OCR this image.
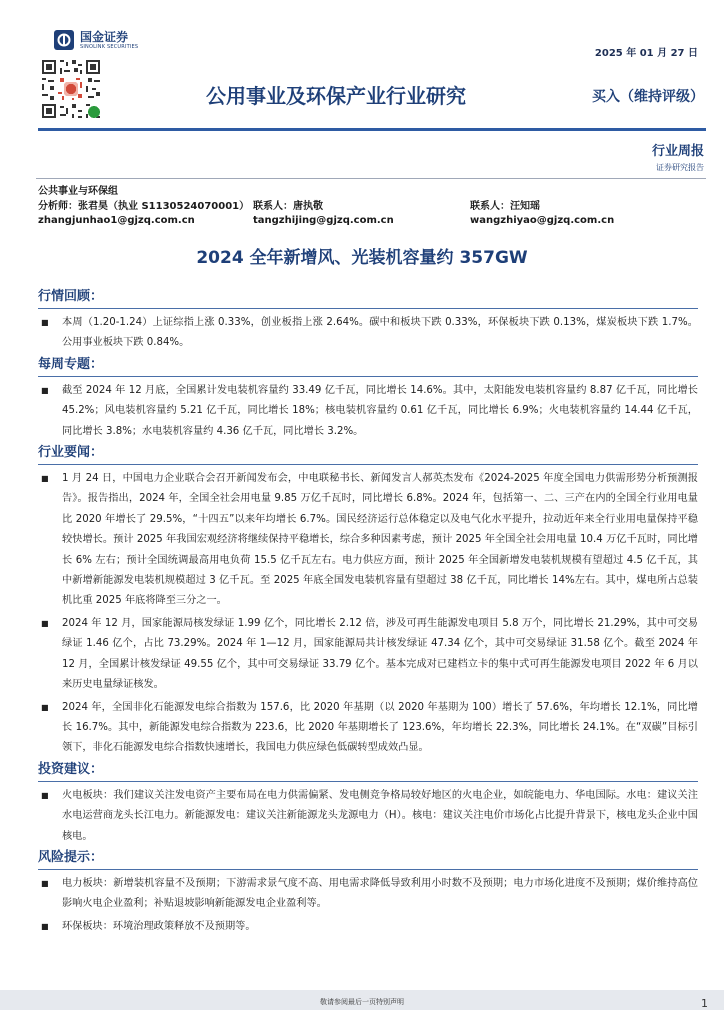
国金证券
SINOLINK SECURITIES
2025 年 01 月 27 日
公用事业及环保产业行业研究	买入（维持评级）
行业周报
证券研究报告
公共事业与环保组
分析师：张君昊（执业 S1130524070001） 联系人：唐执敬	联系人：汪知瑶
zhangjunhao1@gjzq.com.cn	tangzhijing@gjzq.com.cn	wangzhiyao@gjzq.com.cn
2024 全年新增风、光装机容量约 357GW
行情回顾：
■ 本周（1.20-1.24）上证综指上涨 0.33%，创业板指上涨 2.64%。碳中和板块下跌 0.33%，环保板块下跌 0.13%，煤炭板块下跌 1.7%。公用事业板块下跌 0.84%。
每周专题：
■ 截至 2024 年 12 月底，全国累计发电装机容量约 33.49 亿千瓦，同比增长 14.6%。其中，太阳能发电装机容量约 8.87 亿千瓦，同比增长 45.2%；风电装机容量约 5.21 亿千瓦，同比增长 18%；核电装机容量约 0.61 亿千瓦，同比增长 6.9%；火电装机容量约 14.44 亿千瓦，同比增长 3.8%；水电装机容量约 4.36 亿千瓦，同比增长 3.2%。
行业要闻：
■ 1 月 24 日，中国电力企业联合会召开新闻发布会，中电联秘书长、新闻发言人郝英杰发布《2024-2025 年度全国电力供需形势分析预测报告》。报告指出，2024 年，全国全社会用电量 9.85 万亿千瓦时，同比增长 6.8%。2024 年，包括第一、二、三产在内的全国全行业用电量比 2020 年增长了 29.5%，“十四五”以来年均增长 6.7%。国民经济运行总体稳定以及电气化水平提升，拉动近年来全行业用电量保持平稳较快增长。预计 2025 年我国宏观经济将继续保持平稳增长，综合多种因素考虑，预计 2025 年全国全社会用电量 10.4 万亿千瓦时，同比增长 6% 左右；预计全国统调最高用电负荷 15.5 亿千瓦左右。电力供应方面，预计 2025 年全国新增发电装机规模有望超过 4.5 亿千瓦，其中新增新能源发电装机规模超过 3 亿千瓦。至 2025 年底全国发电装机容量有望超过 38 亿千瓦，同比增长 14%左右。其中，煤电所占总装机比重 2025 年底将降至三分之一。
■ 2024 年 12 月，国家能源局核发绿证 1.99 亿个，同比增长 2.12 倍，涉及可再生能源发电项目 5.8 万个，同比增长 21.29%，其中可交易绿证 1.46 亿个，占比 73.29%。2024 年 1—12 月，国家能源局共计核发绿证 47.34 亿个，其中可交易绿证 31.58 亿个。截至 2024 年 12 月，全国累计核发绿证 49.55 亿个，其中可交易绿证 33.79 亿个。基本完成对已建档立卡的集中式可再生能源发电项目 2022 年 6 月以来历史电量绿证核发。
■ 2024 年，全国非化石能源发电综合指数为 157.6，比 2020 年基期（以 2020 年基期为 100）增长了 57.6%，年均增长 12.1%，同比增长 16.7%。其中，新能源发电综合指数为 223.6，比 2020 年基期增长了 123.6%，年均增长 22.3%，同比增长 24.1%。在“双碳”目标引领下，非化石能源发电综合指数快速增长，我国电力供应绿色低碳转型成效凸显。
投资建议：
■ 火电板块：我们建议关注发电资产主要布局在电力供需偏紧、发电侧竞争格局较好地区的火电企业，如皖能电力、华电国际。水电：建议关注水电运营商龙头长江电力。新能源发电：建议关注新能源龙头龙源电力（H）。核电：建议关注电价市场化占比提升背景下，核电龙头企业中国核电。
风险提示：
■ 电力板块：新增装机容量不及预期；下游需求景气度不高、用电需求降低导致利用小时数不及预期；电力市场化进度不及预期；煤价维持高位影响火电企业盈利；补贴退坡影响新能源发电企业盈利等。
■ 环保板块：环境治理政策释放不及预期等。
敬请参阅最后一页特别声明	1
